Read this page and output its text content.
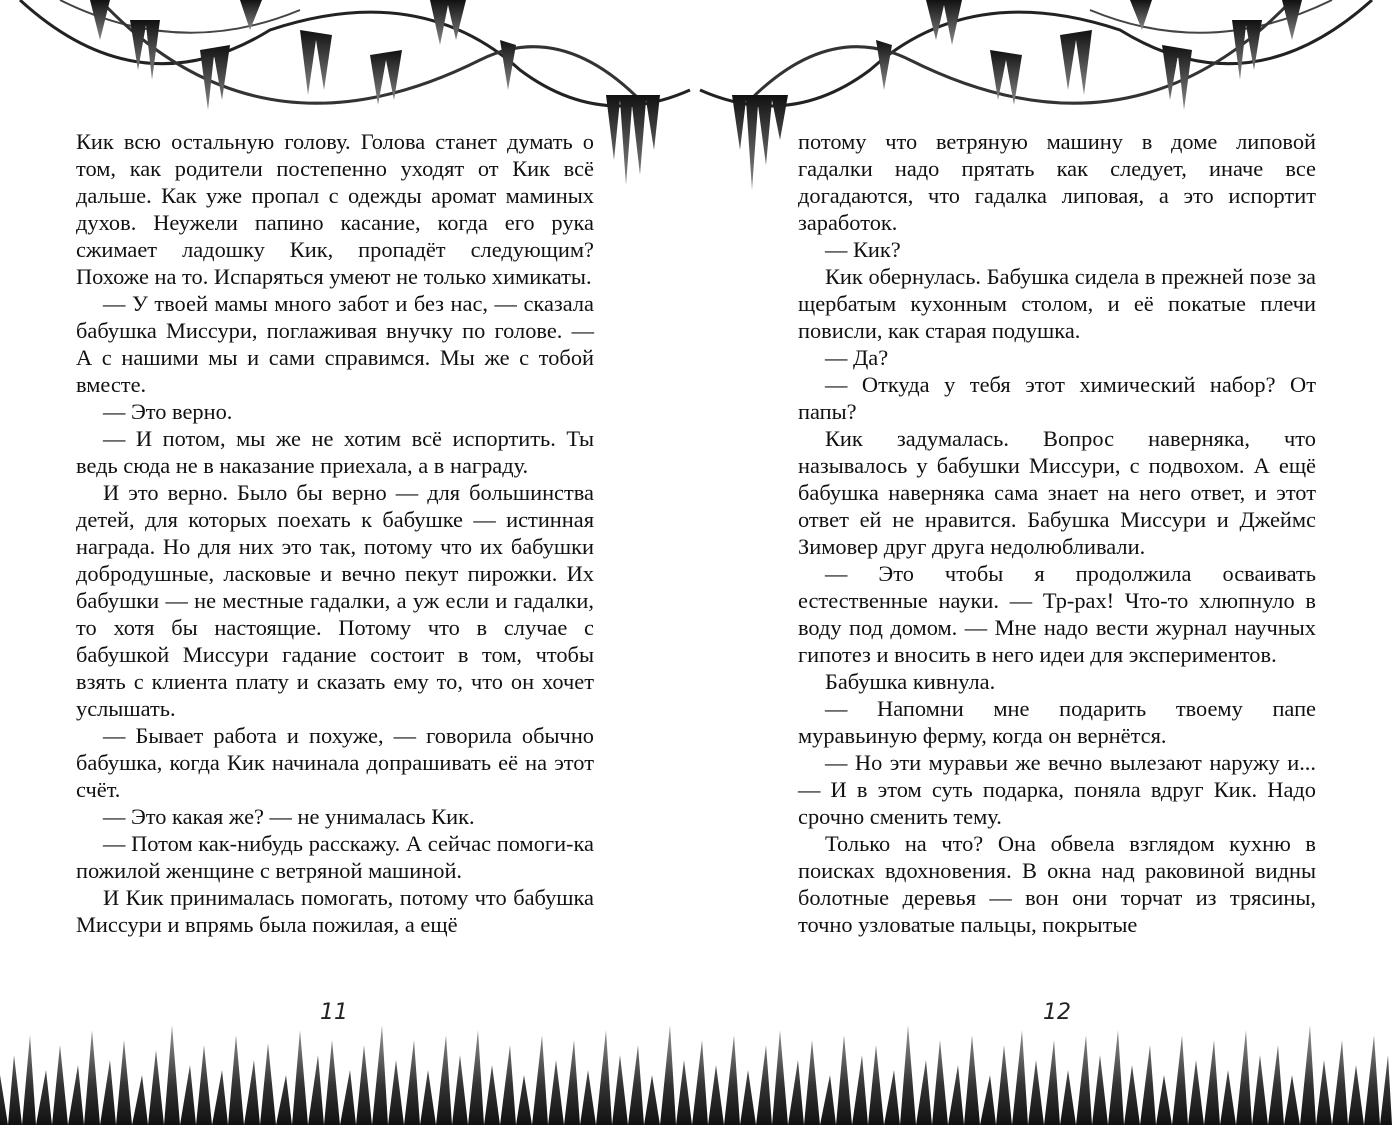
Кик всю остальную голову. Голова станет думать о том, как родители постепенно уходят от Кик всё дальше. Как уже пропал с одежды аромат маминых духов. Неужели папино касание, когда его рука сжимает ладошку Кик, пропадёт следующим? Похоже на то. Испаряться умеют не только химикаты.

— У твоей мамы много забот и без нас, — сказала бабушка Миссури, поглаживая внучку по голове. — А с нашими мы и сами справимся. Мы же с тобой вместе.

— Это верно.

— И потом, мы же не хотим всё испортить. Ты ведь сюда не в наказание приехала, а в награду.

И это верно. Было бы верно — для большинства детей, для которых поехать к бабушке — истинная награда. Но для них это так, потому что их бабушки добродушные, ласковые и вечно пекут пирожки. Их бабушки — не местные гадалки, а уж если и гадалки, то хотя бы настоящие. Потому что в случае с бабушкой Миссури гадание состоит в том, чтобы взять с клиента плату и сказать ему то, что он хочет услышать.

— Бывает работа и похуже, — говорила обычно бабушка, когда Кик начинала допрашивать её на этот счёт.

— Это какая же? — не унималась Кик.

— Потом как-нибудь расскажу. А сейчас помоги-ка пожилой женщине с ветряной машиной.

И Кик принималась помогать, потому что бабушка Миссури и впрямь была пожилая, а ещё

потому что ветряную машину в доме липовой гадалки надо прятать как следует, иначе все догадаются, что гадалка липовая, а это испортит заработок.

— Кик?

Кик обернулась. Бабушка сидела в прежней позе за щербатым кухонным столом, и её покатые плечи повисли, как старая подушка.

— Да?

— Откуда у тебя этот химический набор? От папы?

Кик задумалась. Вопрос наверняка, что называлось у бабушки Миссури, с подвохом. А ещё бабушка наверняка сама знает на него ответ, и этот ответ ей не нравится. Бабушка Миссури и Джеймс Зимовер друг друга недолюбливали.

— Это чтобы я продолжила осваивать естественные науки. — Тр-рах! Что-то хлюпнуло в воду под домом. — Мне надо вести журнал научных гипотез и вносить в него идеи для экспериментов.

Бабушка кивнула.

— Напомни мне подарить твоему папе муравьиную ферму, когда он вернётся.

— Но эти муравьи же вечно вылезают наружу и... — И в этом суть подарка, поняла вдруг Кик. Надо срочно сменить тему.

Только на что? Она обвела взглядом кухню в поисках вдохновения. В окна над раковиной видны болотные деревья — вон они торчат из трясины, точно узловатые пальцы, покрытые

11	12
